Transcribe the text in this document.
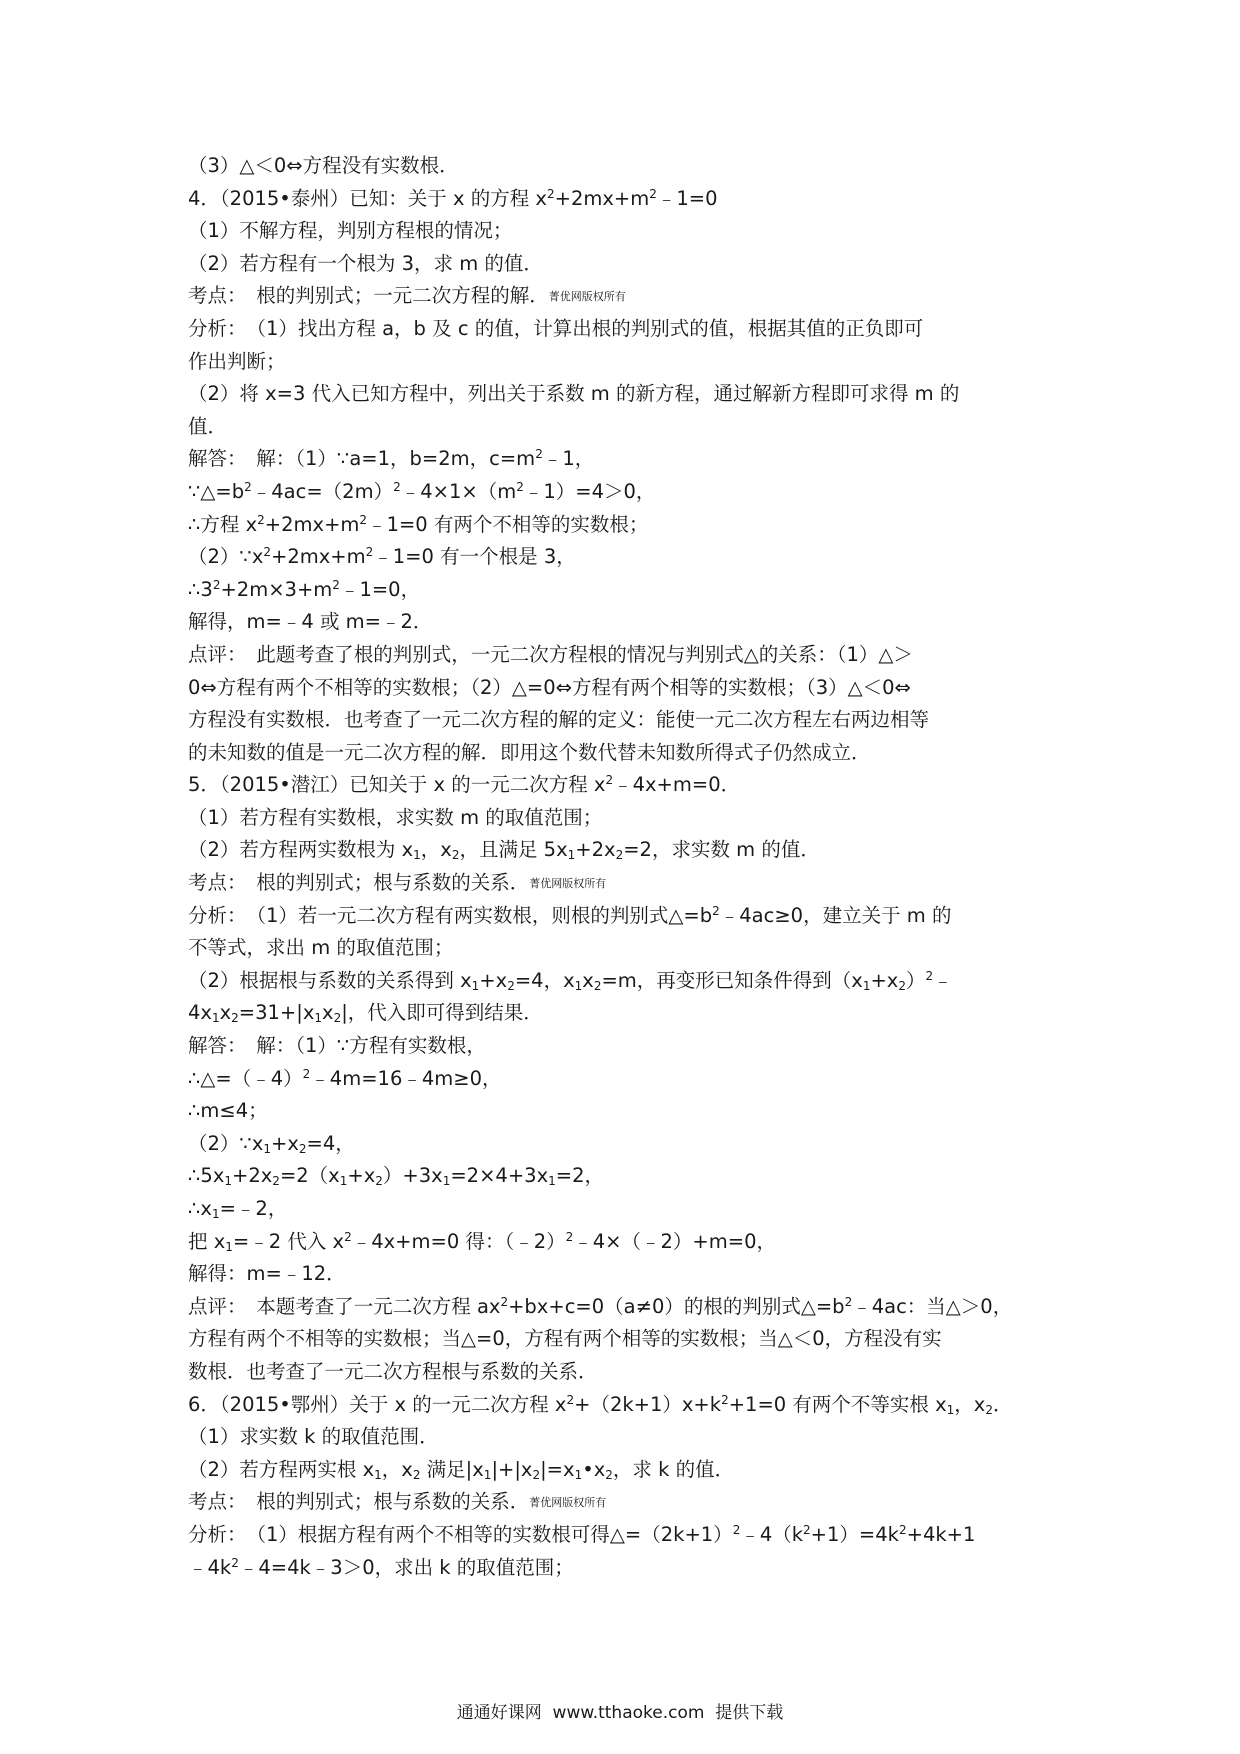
（3）△＜0⇔方程没有实数根．
4．（2015•泰州）已知：关于 x 的方程 $x^2+2mx+m^2﹣1=0$
（1）不解方程，判别方程根的情况；
（2）若方程有一个根为 3，求 m 的值．
考点：　根的判别式；一元二次方程的解．菁优网版权所有
分析：　（1）找出方程 a，b 及 c 的值，计算出根的判别式的值，根据其值的正负即可
作出判断；
（2）将 x=3 代入已知方程中，列出关于系数 m 的新方程，通过解新方程即可求得 m 的
值．
解答：　解：（1）∵a=1，b=2m，$c=m^2﹣1$，
$\because\triangle=b^2﹣4ac=(2m)^2﹣4\times 1\times(m^2﹣1)=4>0$，
∴方程 $x^2+2mx+m^2﹣1=0$ 有两个不相等的实数根；
$(2)\because x^2+2mx+m^2﹣1=0$ 有一个根是 3，
$\therefore 3^2+2m\times 3+m^2﹣1=0$，
解得，m=﹣4 或 m=﹣2．
点评：　此题考查了根的判别式，一元二次方程根的情况与判别式△的关系：（1）△＞
0⇔方程有两个不相等的实数根；（2）△=0⇔方程有两个相等的实数根；（3）△＜0⇔
方程没有实数根．也考查了一元二次方程的解的定义：能使一元二次方程左右两边相等
的未知数的值是一元二次方程的解．即用这个数代替未知数所得式子仍然成立．
5．（2015•潜江）已知关于 x 的一元二次方程 $x^2﹣4x+m=0$．
（1）若方程有实数根，求实数 m 的取值范围；
（2）若方程两实数根为 $x_1$，$x_2$，且满足 $5x_1+2x_2=2$，求实数 m 的值．
考点：　根的判别式；根与系数的关系．菁优网版权所有
分析：　（1）若一元二次方程有两实数根，则根的判别式$\triangle=b^2﹣4ac\ge 0$，建立关于 m 的
不等式，求出 m 的取值范围；
（2）根据根与系数的关系得到 $x_1+x_2=4$，$x_1x_2=m$，再变形已知条件得到$(x_1+x_2)^2﹣$
$4x_1x_2=31+|x_1x_2|$，代入即可得到结果．
解答：　解：（1）∵方程有实数根，
∴△=（﹣4）$^2$﹣4m=16﹣4m≥0，
∴m≤4；
$(2)\because x_1+x_2=4$，
$\therefore 5x_1+2x_2=2(x_1+x_2)+3x_1=2\times 4+3x_1=2$，
$\therefore x_1=﹣2$，
把 $x_1=﹣2$ 代入 $x^2﹣4x+m=0$ 得：（﹣2）$^2$﹣4×（﹣2）+m=0，
解得：m=﹣12．
点评：　本题考查了一元二次方程 $ax^2+bx+c=0(a\ne 0)$的根的判别式$\triangle=b^2﹣4ac$：当△＞0，
方程有两个不相等的实数根；当△=0，方程有两个相等的实数根；当△＜0，方程没有实
数根．也考查了一元二次方程根与系数的关系．
6．（2015•鄂州）关于 x 的一元二次方程 $x^2+(2k+1)x+k^2+1=0$ 有两个不等实根 $x_1$，$x_2$．
（1）求实数 k 的取值范围．
（2）若方程两实根 $x_1$，$x_2$ 满足$|x_1|+|x_2|=x_1•x_2$，求 k 的值．
考点：　根的判别式；根与系数的关系．菁优网版权所有
分析：　（1）根据方程有两个不相等的实数根可得$\triangle=(2k+1)^2﹣4(k^2+1)=4k^2+4k+1$
$﹣4k^2﹣4=4k﹣3>0$，求出 k 的取值范围；
通通好课网  www.tthaoke.com  提供下载
